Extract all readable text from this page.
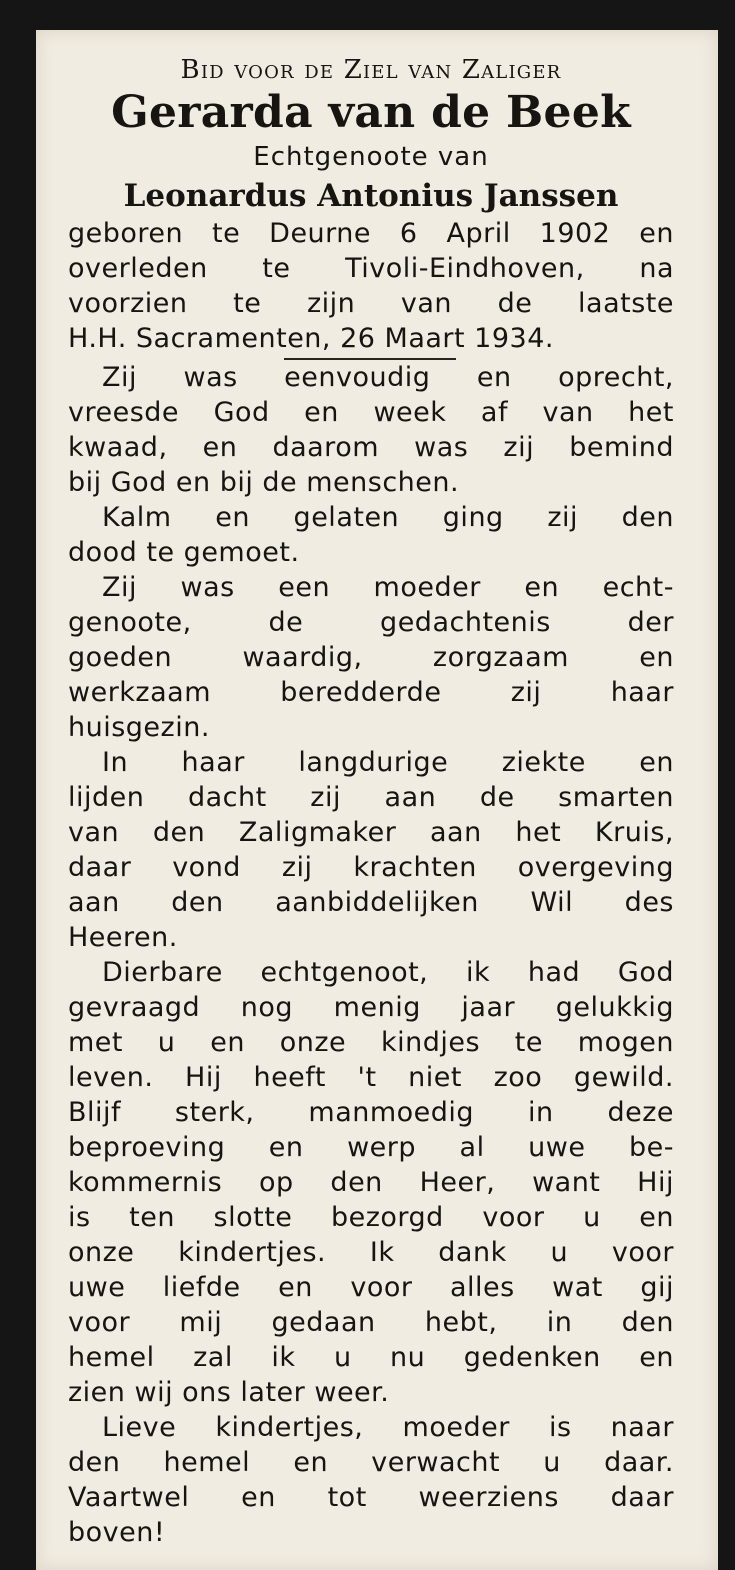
Bid voor de Ziel van Zaliger
Gerarda van de Beek
Echtgenoote van
Leonardus Antonius Janssen
geboren te Deurne 6 April 1902 en
overleden te Tivoli-Eindhoven, na
voorzien te zijn van de laatste
H.H. Sacramenten, 26 Maart 1934.
Zij was eenvoudig en oprecht,
vreesde God en week af van het
kwaad, en daarom was zij bemind
bij God en bij de menschen.
Kalm en gelaten ging zij den
dood te gemoet.
Zij was een moeder en echt-
genoote, de gedachtenis der
goeden waardig, zorgzaam en
werkzaam beredderde zij haar
huisgezin.
In haar langdurige ziekte en
lijden dacht zij aan de smarten
van den Zaligmaker aan het Kruis,
daar vond zij krachten overgeving
aan den aanbiddelijken Wil des
Heeren.
Dierbare echtgenoot, ik had God
gevraagd nog menig jaar gelukkig
met u en onze kindjes te mogen
leven. Hij heeft 't niet zoo gewild.
Blijf sterk, manmoedig in deze
beproeving en werp al uwe be-
kommernis op den Heer, want Hij
is ten slotte bezorgd voor u en
onze kindertjes. Ik dank u voor
uwe liefde en voor alles wat gij
voor mij gedaan hebt, in den
hemel zal ik u nu gedenken en
zien wij ons later weer.
Lieve kindertjes, moeder is naar
den hemel en verwacht u daar.
Vaartwel en tot weerziens daar
boven!
